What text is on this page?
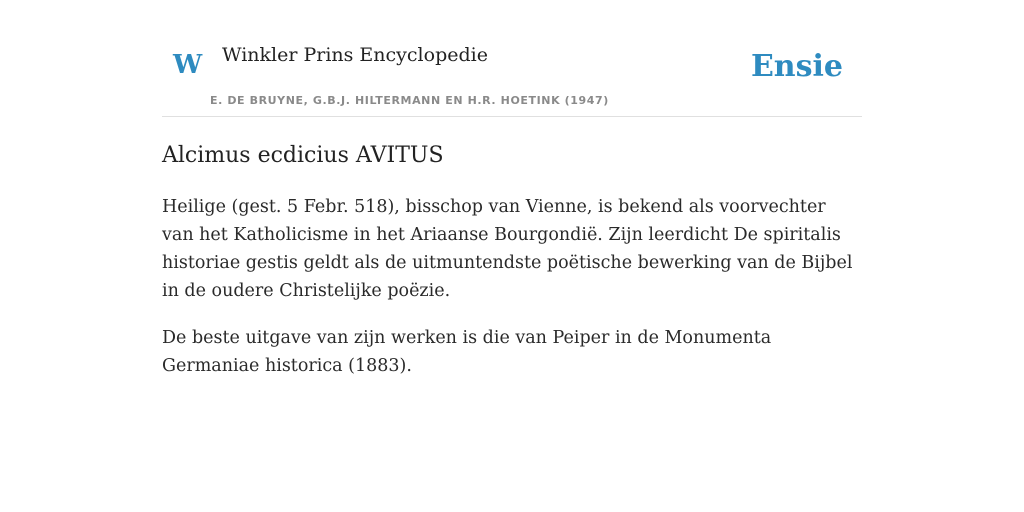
W Winkler Prins Encyclopedie
E. DE BRUYNE, G.B.J. HILTERMANN EN H.R. HOETINK (1947)
Ensie
Alcimus ecdicius AVITUS

Heilige (gest. 5 Febr. 518), bisschop van Vienne, is bekend als voorvechter van het Katholicisme in het Ariaanse Bourgondië. Zijn leerdicht De spiritalis historiae gestis geldt als de uitmuntendste poëtische bewerking van de Bijbel in de oudere Christelijke poëzie.

De beste uitgave van zijn werken is die van Peiper in de Monumenta Germaniae historica (1883).
